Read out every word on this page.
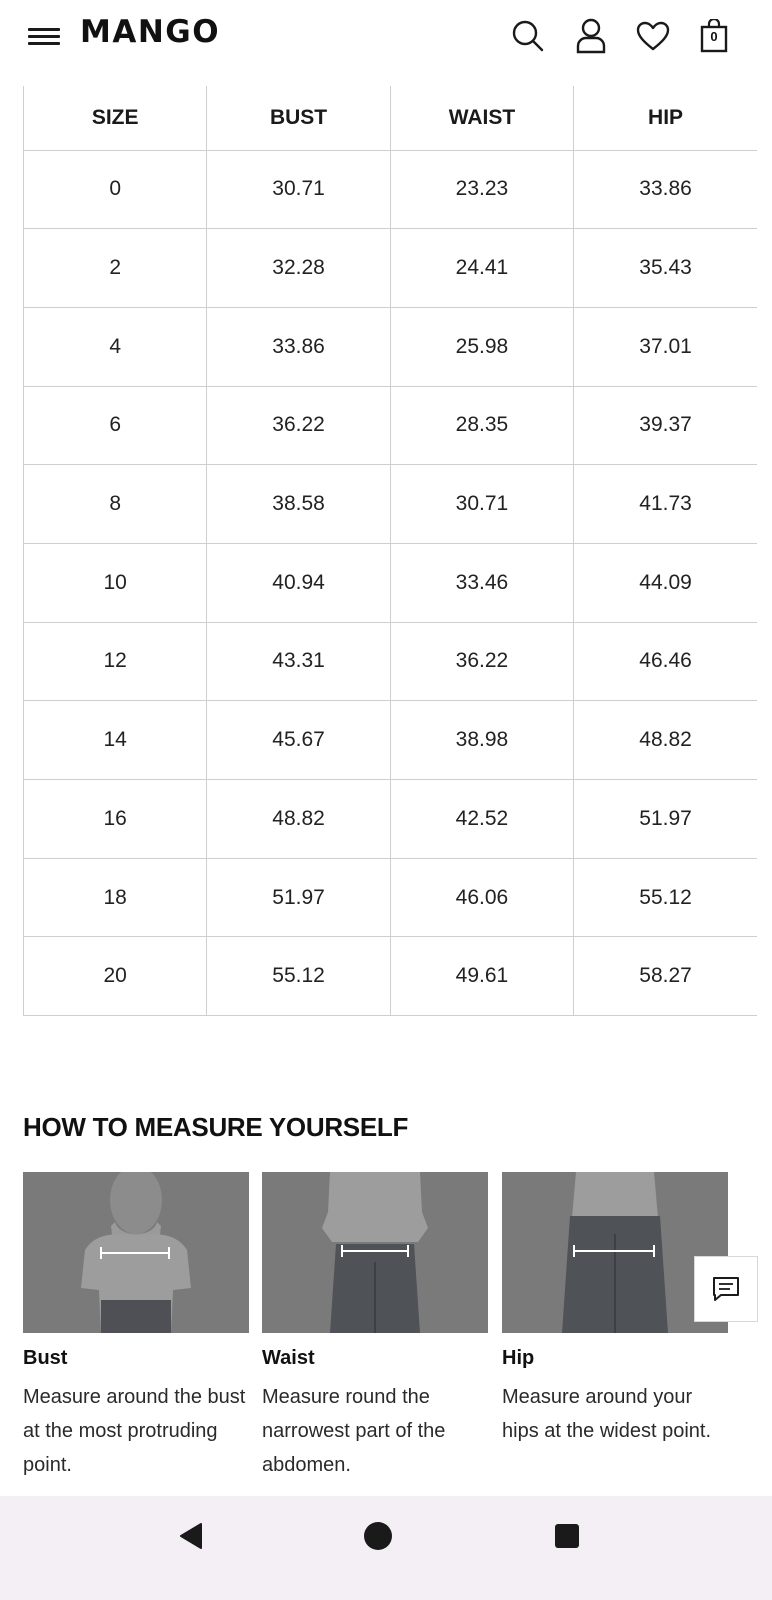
MANGO	0
SIZE	BUST	WAIST	HIP
0	30.71	23.23	33.86
2	32.28	24.41	35.43
4	33.86	25.98	37.01
6	36.22	28.35	39.37
8	38.58	30.71	41.73
10	40.94	33.46	44.09
12	43.31	36.22	46.46
14	45.67	38.98	48.82
16	48.82	42.52	51.97
18	51.97	46.06	55.12
20	55.12	49.61	58.27
HOW TO MEASURE YOURSELF
Bust
Measure around the bust at the most protruding point.
Waist
Measure round the narrowest part of the abdomen.
Hip
Measure around your hips at the widest point.
